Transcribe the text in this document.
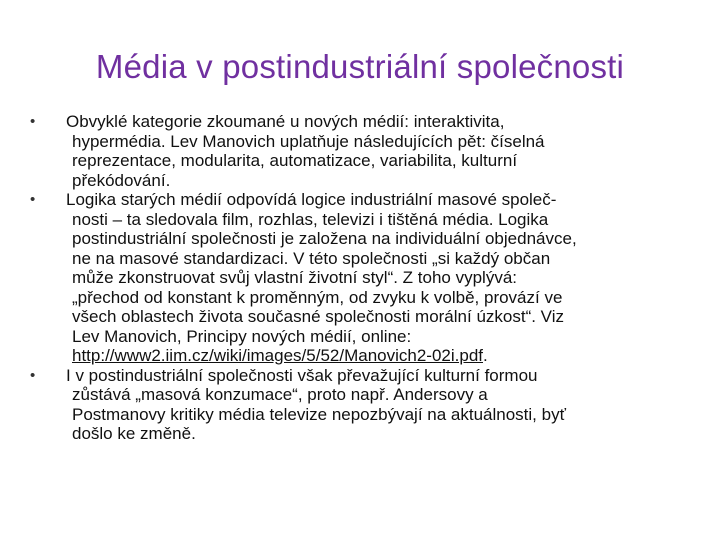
Média v postindustriální společnosti
•	Obvyklé kategorie zkoumané u nových médií: interaktivita,
hypermédia. Lev Manovich uplatňuje následujících pět: číselná
reprezentace, modularita, automatizace, variabilita, kulturní
překódování.
•	Logika starých médií odpovídá logice industriální masové společ-
nosti – ta sledovala film, rozhlas, televizi i tištěná média. Logika
postindustriální společnosti je založena na individuální objednávce,
ne na masové standardizaci. V této společnosti „si každý občan
může zkonstruovat svůj vlastní životní styl“. Z toho vyplývá:
„přechod od konstant k proměnným, od zvyku k volbě, provází ve
všech oblastech života současné společnosti morální úzkost“. Viz
Lev Manovich, Principy nových médií, online:
http://www2.iim.cz/wiki/images/5/52/Manovich2-02i.pdf.
•	I v postindustriální společnosti však převažující kulturní formou
zůstává „masová konzumace“, proto např. Andersovy a
Postmanovy kritiky média televize nepozbývají na aktuálnosti, byť
došlo ke změně.
